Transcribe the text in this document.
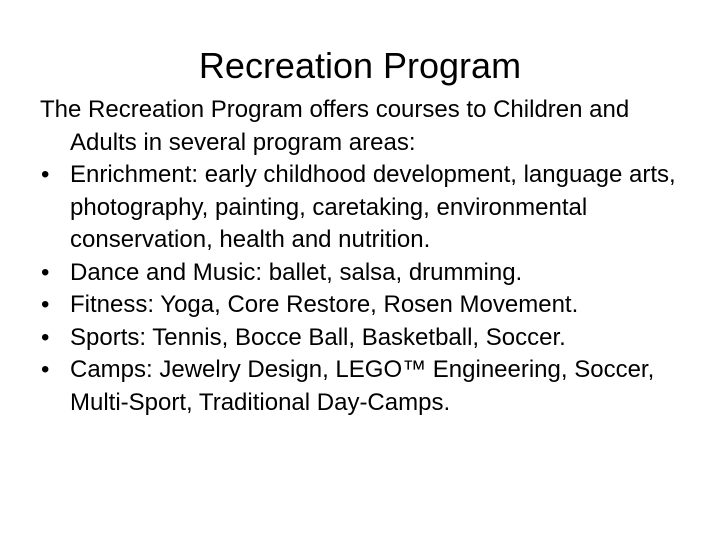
Recreation Program

The Recreation Program offers courses to Children and Adults in several program areas:

• Enrichment: early childhood development, language arts, photography, painting, caretaking, environmental conservation, health and nutrition.
• Dance and Music: ballet, salsa, drumming.
• Fitness: Yoga, Core Restore, Rosen Movement.
• Sports: Tennis, Bocce Ball, Basketball, Soccer.
• Camps: Jewelry Design, LEGO™ Engineering, Soccer, Multi-Sport, Traditional Day-Camps.
